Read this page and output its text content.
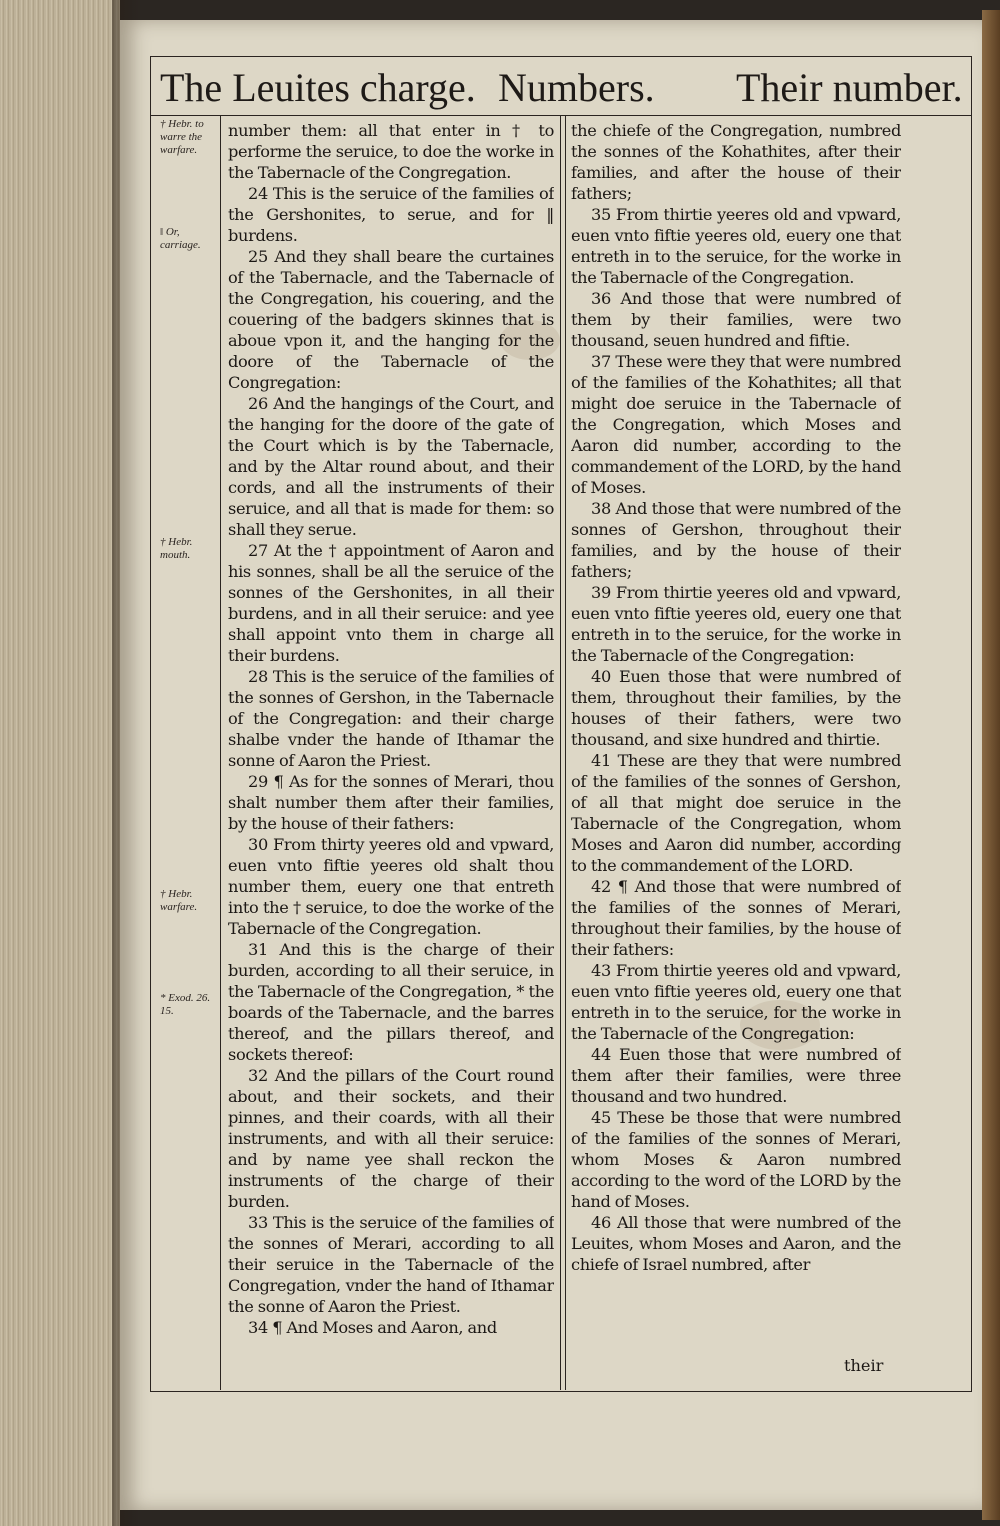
The Leuites charge. Numbers. Their number.
† Hebr. to warre the warfare.
‖ Or, carriage.
† Hebr. mouth.
† Hebr. warfare.
* Exod. 26. 15.

number them: all that enter in † to performe the seruice, to doe the worke in the Tabernacle of the Congregation.

24 This is the seruice of the families of the Gershonites, to serue, and for ‖ burdens.

25 And they shall beare the curtaines of the Tabernacle, and the Tabernacle of the Congregation, his couering, and the couering of the badgers skinnes that is aboue vpon it, and the hanging for the doore of the Tabernacle of the Congregation:

26 And the hangings of the Court, and the hanging for the doore of the gate of the Court which is by the Tabernacle, and by the Altar round about, and their cords, and all the instruments of their seruice, and all that is made for them: so shall they serue.

27 At the † appointment of Aaron and his sonnes, shall be all the seruice of the sonnes of the Gershonites, in all their burdens, and in all their seruice: and yee shall appoint vnto them in charge all their burdens.

28 This is the seruice of the families of the sonnes of Gershon, in the Tabernacle of the Congregation: and their charge shalbe vnder the hande of Ithamar the sonne of Aaron the Priest.

29 ¶ As for the sonnes of Merari, thou shalt number them after their families, by the house of their fathers:

30 From thirty yeeres old and vpward, euen vnto fiftie yeeres old shalt thou number them, euery one that entreth into the † seruice, to doe the worke of the Tabernacle of the Congregation.

31 And this is the charge of their burden, according to all their seruice, in the Tabernacle of the Congregation, * the boards of the Tabernacle, and the barres thereof, and the pillars thereof, and sockets thereof:

32 And the pillars of the Court round about, and their sockets, and their pinnes, and their coards, with all their instruments, and with all their seruice: and by name yee shall reckon the instruments of the charge of their burden.

33 This is the seruice of the families of the sonnes of Merari, according to all their seruice in the Tabernacle of the Congregation, vnder the hand of Ithamar the sonne of Aaron the Priest.

34 ¶ And Moses and Aaron, and

the chiefe of the Congregation, numbred the sonnes of the Kohathites, after their families, and after the house of their fathers;

35 From thirtie yeeres old and vpward, euen vnto fiftie yeeres old, euery one that entreth in to the seruice, for the worke in the Tabernacle of the Congregation.

36 And those that were numbred of them by their families, were two thousand, seuen hundred and fiftie.

37 These were they that were numbred of the families of the Kohathites; all that might doe seruice in the Tabernacle of the Congregation, which Moses and Aaron did number, according to the commandement of the LORD, by the hand of Moses.

38 And those that were numbred of the sonnes of Gershon, throughout their families, and by the house of their fathers;

39 From thirtie yeeres old and vpward, euen vnto fiftie yeeres old, euery one that entreth in to the seruice, for the worke in the Tabernacle of the Congregation:

40 Euen those that were numbred of them, throughout their families, by the houses of their fathers, were two thousand, and sixe hundred and thirtie.

41 These are they that were numbred of the families of the sonnes of Gershon, of all that might doe seruice in the Tabernacle of the Congregation, whom Moses and Aaron did number, according to the commandement of the LORD.

42 ¶ And those that were numbred of the families of the sonnes of Merari, throughout their families, by the house of their fathers:

43 From thirtie yeeres old and vpward, euen vnto fiftie yeeres old, euery one that entreth in to the seruice, for the worke in the Tabernacle of the Congregation:

44 Euen those that were numbred of them after their families, were three thousand and two hundred.

45 These be those that were numbred of the families of the sonnes of Merari, whom Moses & Aaron numbred according to the word of the LORD by the hand of Moses.

46 All those that were numbred of the Leuites, whom Moses and Aaron, and the chiefe of Israel numbred, after

their
